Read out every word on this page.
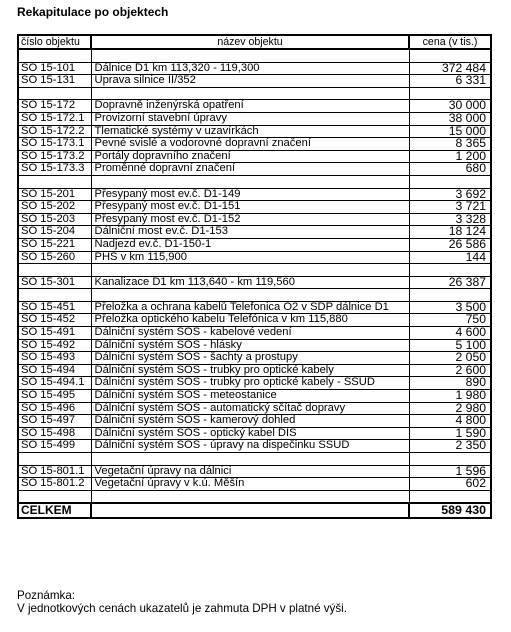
Rekapitulace po objektech
číslo objektu	název objektu	cena (v tis.)

SO 15-101	Dálnice D1 km 113,320 - 119,300	372 484
SO 15-131	Úprava silnice II/352	6 331

SO 15-172	Dopravně inženýrská opatření	30 000
SO 15-172.1	Provizorní stavební úpravy	38 000
SO 15-172.2	Tlematické systémy v uzavírkách	15 000
SO 15-173.1	Pevné svislé a vodorovné dopravní značení	8 365
SO 15-173.2	Portály dopravního značení	1 200
SO 15-173.3	Proměnné dopravní značení	680

SO 15-201	Přesypaný most ev.č. D1-149	3 692
SO 15-202	Přesypaný most ev.č. D1-151	3 721
SO 15-203	Přesypaný most ev.č. D1-152	3 328
SO 15-204	Dálniční most ev.č. D1-153	18 124
SO 15-221	Nadjezd ev.č. D1-150-1	26 586
SO 15-260	PHS v km 115,900	144

SO 15-301	Kanalizace D1 km 113,640 - km 119,560	26 387

SO 15-451	Přeložka a ochrana kabelů Telefonica O2 v SDP dálnice D1	3 500
SO 15-452	Přeložka optického kabelu Telefónica v km 115,880	750
SO 15-491	Dálniční systém SOS - kabelové vedení	4 600
SO 15-492	Dálniční systém SOS - hlásky	5 100
SO 15-493	Dálniční systém SOS - šachty a prostupy	2 050
SO 15-494	Dálniční systém SOS - trubky pro optické kabely	2 600
SO 15-494.1	Dálniční systém SOS - trubky pro optické kabely - SSÚD	890
SO 15-495	Dálniční systém SOS - meteostanice	1 980
SO 15-496	Dálniční systém SOS - automatický sčítač dopravy	2 980
SO 15-497	Dálniční systém SOS - kamerový dohled	4 800
SO 15-498	Dálniční systém SOS - optický kabel DIS	1 590
SO 15-499	Dálniční systém SOS - úpravy na dispečinku SSÚD	2 350

SO 15-801.1	Vegetační úpravy na dálnici	1 596
SO 15-801.2	Vegetační úpravy v k.ú. Měšín	602

CELKEM		589 430
Poznámka:
V jednotkových cenách ukazatelů je zahmuta DPH v platné výši.
